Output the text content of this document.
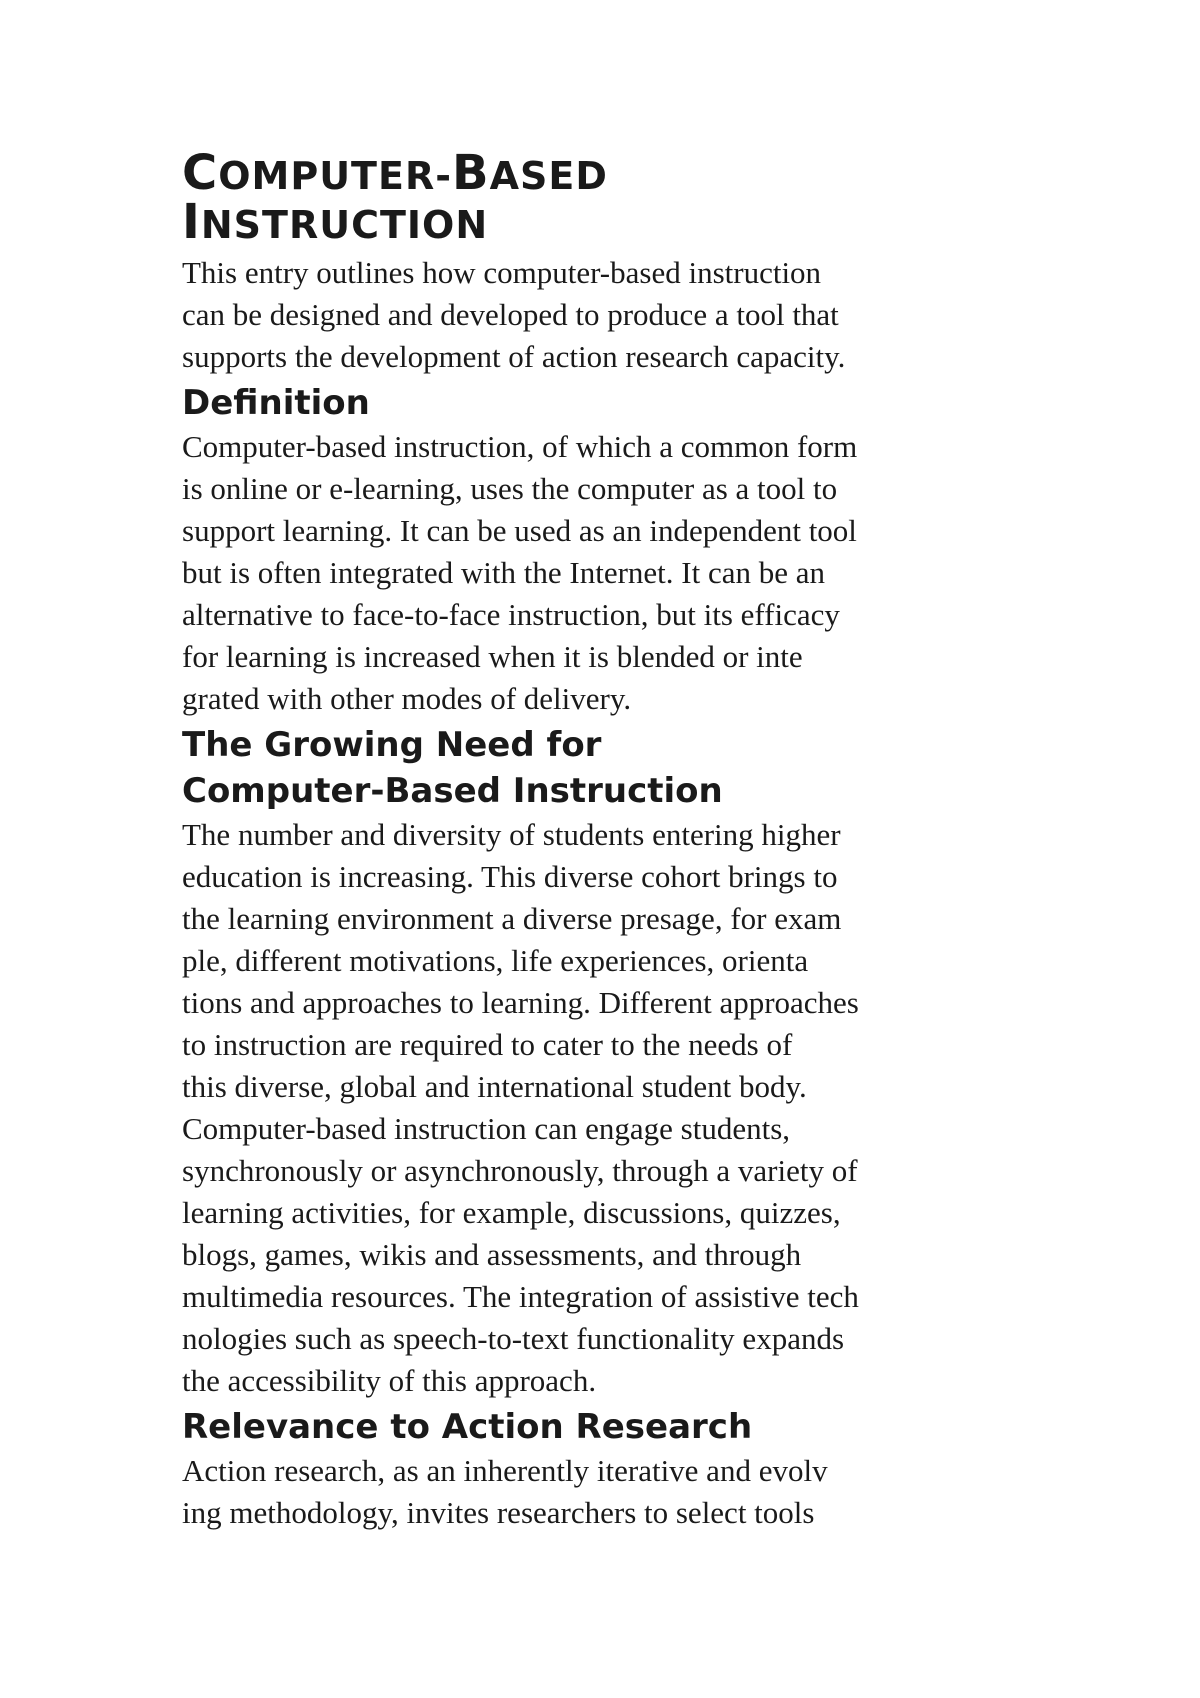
COMPUTER-BASED
INSTRUCTION

This entry outlines how computer-based instruction
can be designed and developed to produce a tool that
supports the development of action research capacity.

Definition

Computer-based instruction, of which a common form
is online or e-learning, uses the computer as a tool to
support learning. It can be used as an independent tool
but is often integrated with the Internet. It can be an
alternative to face-to-face instruction, but its efficacy
for learning is increased when it is blended or inte
grated with other modes of delivery.

The Growing Need for
Computer-Based Instruction

The number and diversity of students entering higher
education is increasing. This diverse cohort brings to
the learning environment a diverse presage, for exam
ple, different motivations, life experiences, orienta
tions and approaches to learning. Different approaches
to instruction are required to cater to the needs of
this diverse, global and international student body.
Computer-based instruction can engage students,
synchronously or asynchronously, through a variety of
learning activities, for example, discussions, quizzes,
blogs, games, wikis and assessments, and through
multimedia resources. The integration of assistive tech
nologies such as speech-to-text functionality expands
the accessibility of this approach.

Relevance to Action Research

Action research, as an inherently iterative and evolv
ing methodology, invites researchers to select tools
